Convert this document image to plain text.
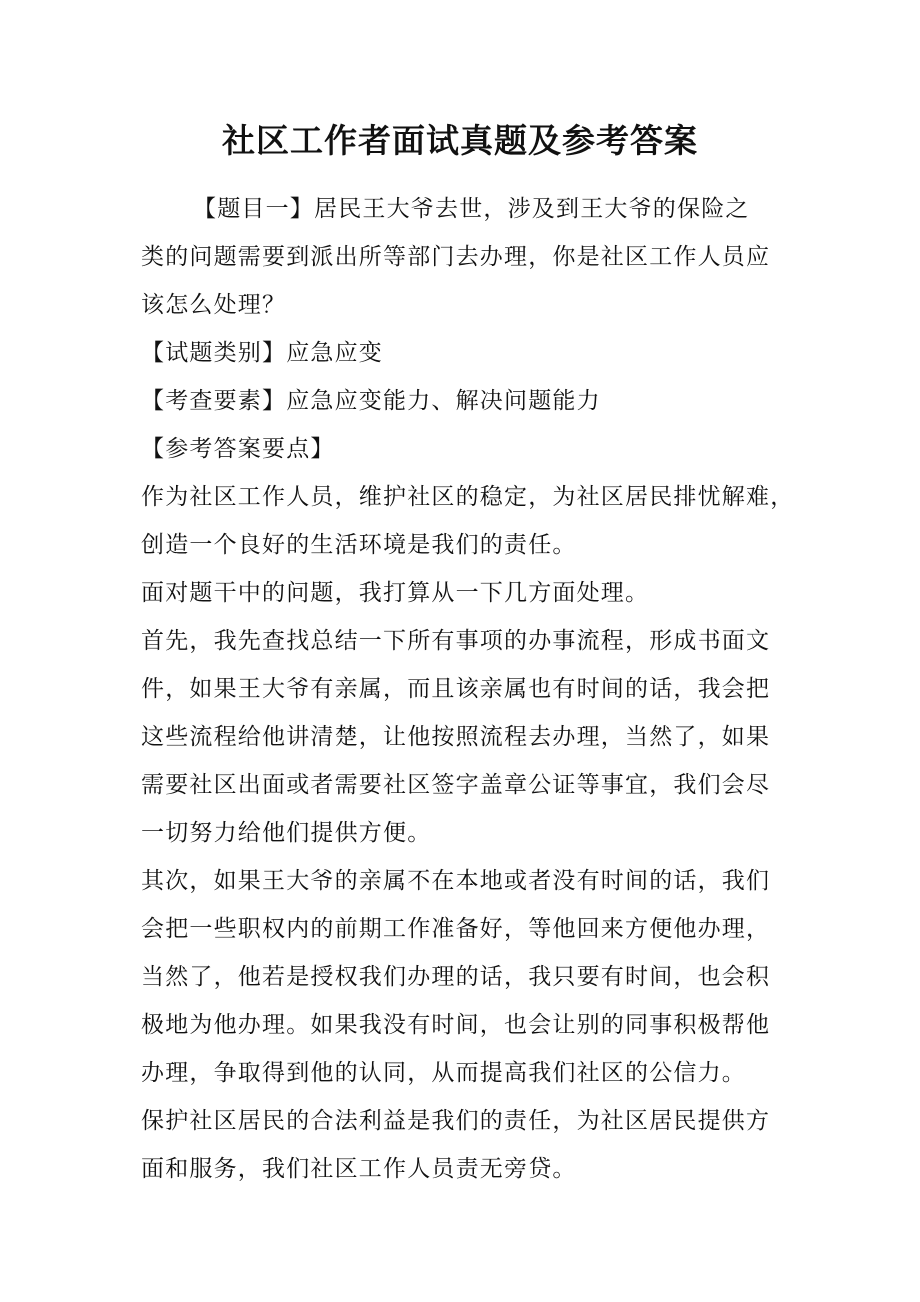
社区工作者面试真题及参考答案
【题目一】居民王大爷去世，涉及到王大爷的保险之
类的问题需要到派出所等部门去办理，你是社区工作人员应
该怎么处理？
【试题类别】应急应变
【考查要素】应急应变能力、解决问题能力
【参考答案要点】
作为社区工作人员，维护社区的稳定，为社区居民排忧解难，
创造一个良好的生活环境是我们的责任。
面对题干中的问题，我打算从一下几方面处理。
首先，我先查找总结一下所有事项的办事流程，形成书面文
件，如果王大爷有亲属，而且该亲属也有时间的话，我会把
这些流程给他讲清楚，让他按照流程去办理，当然了，如果
需要社区出面或者需要社区签字盖章公证等事宜，我们会尽
一切努力给他们提供方便。
其次，如果王大爷的亲属不在本地或者没有时间的话，我们
会把一些职权内的前期工作准备好，等他回来方便他办理，
当然了，他若是授权我们办理的话，我只要有时间，也会积
极地为他办理。如果我没有时间，也会让别的同事积极帮他
办理，争取得到他的认同，从而提高我们社区的公信力。
保护社区居民的合法利益是我们的责任，为社区居民提供方
面和服务，我们社区工作人员责无旁贷。
